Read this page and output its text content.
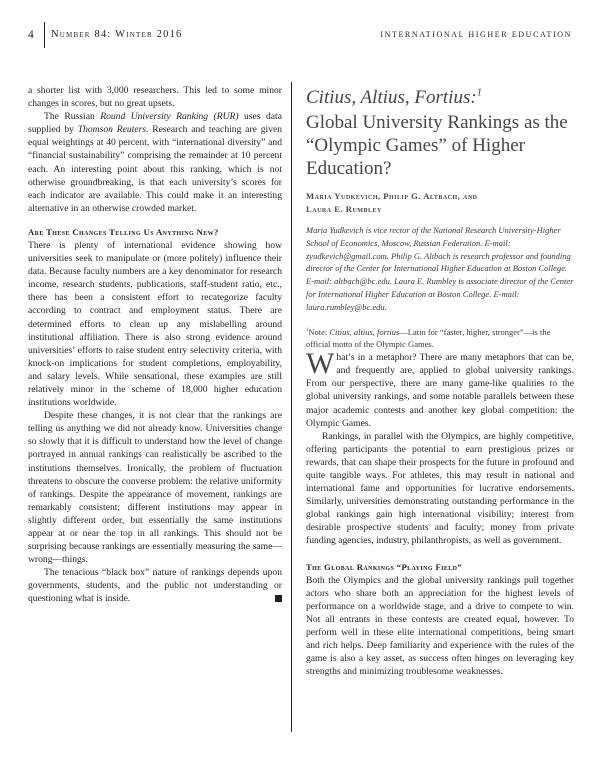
4	Number 84: Winter 2016	INTERNATIONAL HIGHER EDUCATION

a shorter list with 3,000 researchers. This led to some minor changes in scores, but no great upsets.

The Russian Round University Ranking (RUR) uses data supplied by Thomson Reuters. Research and teaching are given equal weightings at 40 percent, with “international diversity” and “financial sustainability” comprising the remainder at 10 percent each. An interesting point about this ranking, which is not otherwise groundbreaking, is that each university’s scores for each indicator are available. This could make it an interesting alternative in an otherwise crowded market.

Are These Changes Telling Us Anything New?

There is plenty of international evidence showing how universities seek to manipulate or (more politely) influence their data. Because faculty numbers are a key denominator for research income, research students, publications, staff-student ratio, etc., there has been a consistent effort to recategorize faculty according to contract and employment status. There are determined efforts to clean up any mislabelling around institutional affiliation. There is also strong evidence around universities’ efforts to raise student entry selectivity criteria, with knock-on implications for student completions, employability, and salary levels. While sensational, these examples are still relatively minor in the scheme of 18,000 higher education institutions worldwide.

Despite these changes, it is not clear that the rankings are telling us anything we did not already know. Universities change so slowly that it is difficult to understand how the level of change portrayed in annual rankings can realistically be ascribed to the institutions themselves. Ironically, the problem of fluctuation threatens to obscure the converse problem: the relative uniformity of rankings. Despite the appearance of movement, rankings are remarkably consistent; different institutions may appear in slightly different order, but essentially the same institutions appear at or near the top in all rankings. This should not be surprising because rankings are essentially measuring the same—wrong—things.

The tenacious “black box” nature of rankings depends upon governments, students, and the public not understanding or questioning what is inside.

Citius, Altius, Fortius:$^1$
Global University Rankings as the “Olympic Games” of Higher Education?
Maria Yudkevich, Philip G. Altbach, and
Laura E. Rumbley
Maria Yudkevich is vice rector of the National Research University-Higher School of Economics, Moscow, Russian Federation. E-mail: zyudkevich@gmail.com. Philip G. Altbach is research professor and founding director of the Center for International Higher Education at Boston College. E-mail: altbach@bc.edu. Laura E. Rumbley is associate director of the Center for International Higher Education at Boston College. E-mail: laura.rumbley@bc.edu.
$^1$Note: Citius, altius, fortius—Latin for “faster, higher, stronger”—is the official motto of the Olympic Games.

What’s in a metaphor? There are many metaphors that can be, and frequently are, applied to global university rankings. From our perspective, there are many game-like qualities to the global university rankings, and some notable parallels between these major academic contests and another key global competition: the Olympic Games.

Rankings, in parallel with the Olympics, are highly competitive, offering participants the potential to earn prestigious prizes or rewards, that can shape their prospects for the future in profound and quite tangible ways. For athletes, this may result in national and international fame and opportunities for lucrative endorsements. Similarly, universities demonstrating outstanding performance in the global rankings gain high international visibility; interest from desirable prospective students and faculty; money from private funding agencies, industry, philanthropists, as well as government.

The Global Rankings “Playing Field”

Both the Olympics and the global university rankings pull together actors who share both an appreciation for the highest levels of performance on a worldwide stage, and a drive to compete to win. Not all entrants in these contests are created equal, however. To perform well in these elite international competitions, being smart and rich helps. Deep familiarity and experience with the rules of the game is also a key asset, as success often hinges on leveraging key strengths and minimizing troublesome weaknesses.
